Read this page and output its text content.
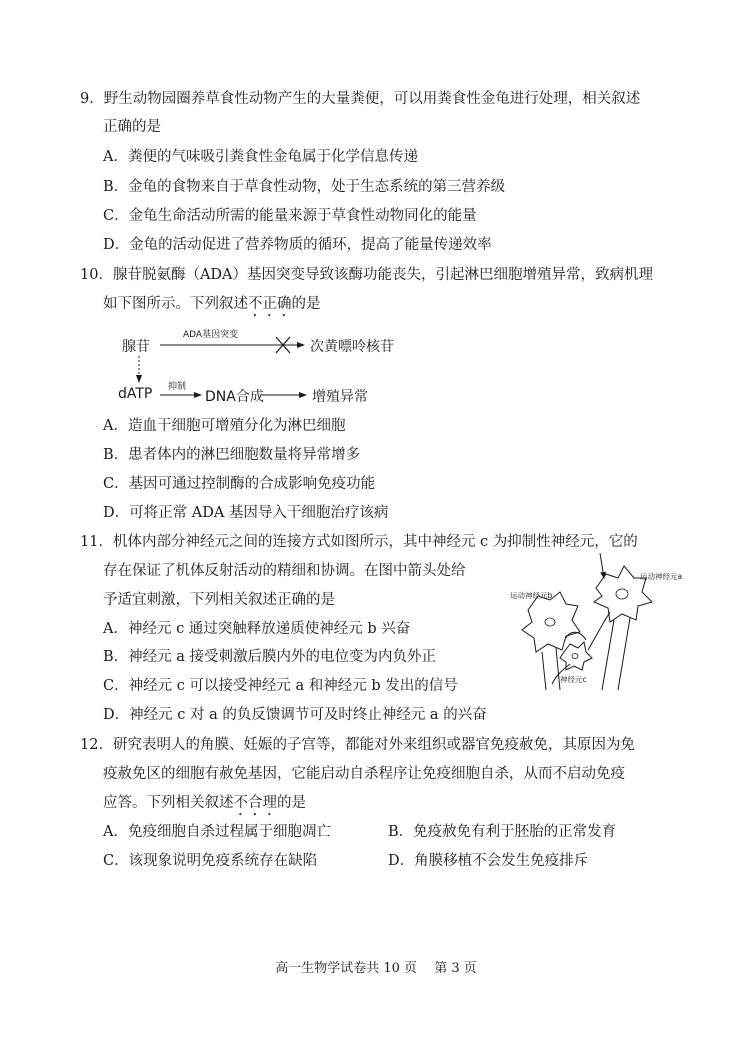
9．野生动物园圈养草食性动物产生的大量粪便，可以用粪食性金龟进行处理，相关叙述
正确的是
A．粪便的气味吸引粪食性金龟属于化学信息传递
B．金龟的食物来自于草食性动物，处于生态系统的第三营养级
C．金龟生命活动所需的能量来源于草食性动物同化的能量
D．金龟的活动促进了营养物质的循环，提高了能量传递效率
10．腺苷脱氨酶（ADA）基因突变导致该酶功能丧失，引起淋巴细胞增殖异常，致病机理
如下图所示。下列叙述不正确的是
腺苷
ADA基因突变
次黄嘌呤核苷
dATP 抑制
DNA合成	增殖异常
A．造血干细胞可增殖分化为淋巴细胞
B．患者体内的淋巴细胞数量将异常增多
C．基因可通过控制酶的合成影响免疫功能
D．可将正常 ADA 基因导入干细胞治疗该病
11．机体内部分神经元之间的连接方式如图所示，其中神经元 c 为抑制性神经元，它的
存在保证了机体反射活动的精细和协调。在图中箭头处给
予适宜刺激，下列相关叙述正确的是
A．神经元 c 通过突触释放递质使神经元 b 兴奋
B．神经元 a 接受刺激后膜内外的电位变为内负外正
C．神经元 c 可以接受神经元 a 和神经元 b 发出的信号
D．神经元 c 对 a 的负反馈调节可及时终止神经元 a 的兴奋
运动神经元b
运动神经元a
神经元c
12．研究表明人的角膜、妊娠的子宫等，都能对外来组织或器官免疫赦免，其原因为免
疫赦免区的细胞有赦免基因，它能启动自杀程序让免疫细胞自杀，从而不启动免疫
应答。下列相关叙述不合理的是
A．免疫细胞自杀过程属于细胞凋亡	B．免疫赦免有利于胚胎的正常发育
C．该现象说明免疫系统存在缺陷	D．角膜移植不会发生免疫排斥
高一生物学试卷共 10 页　 第 3 页
